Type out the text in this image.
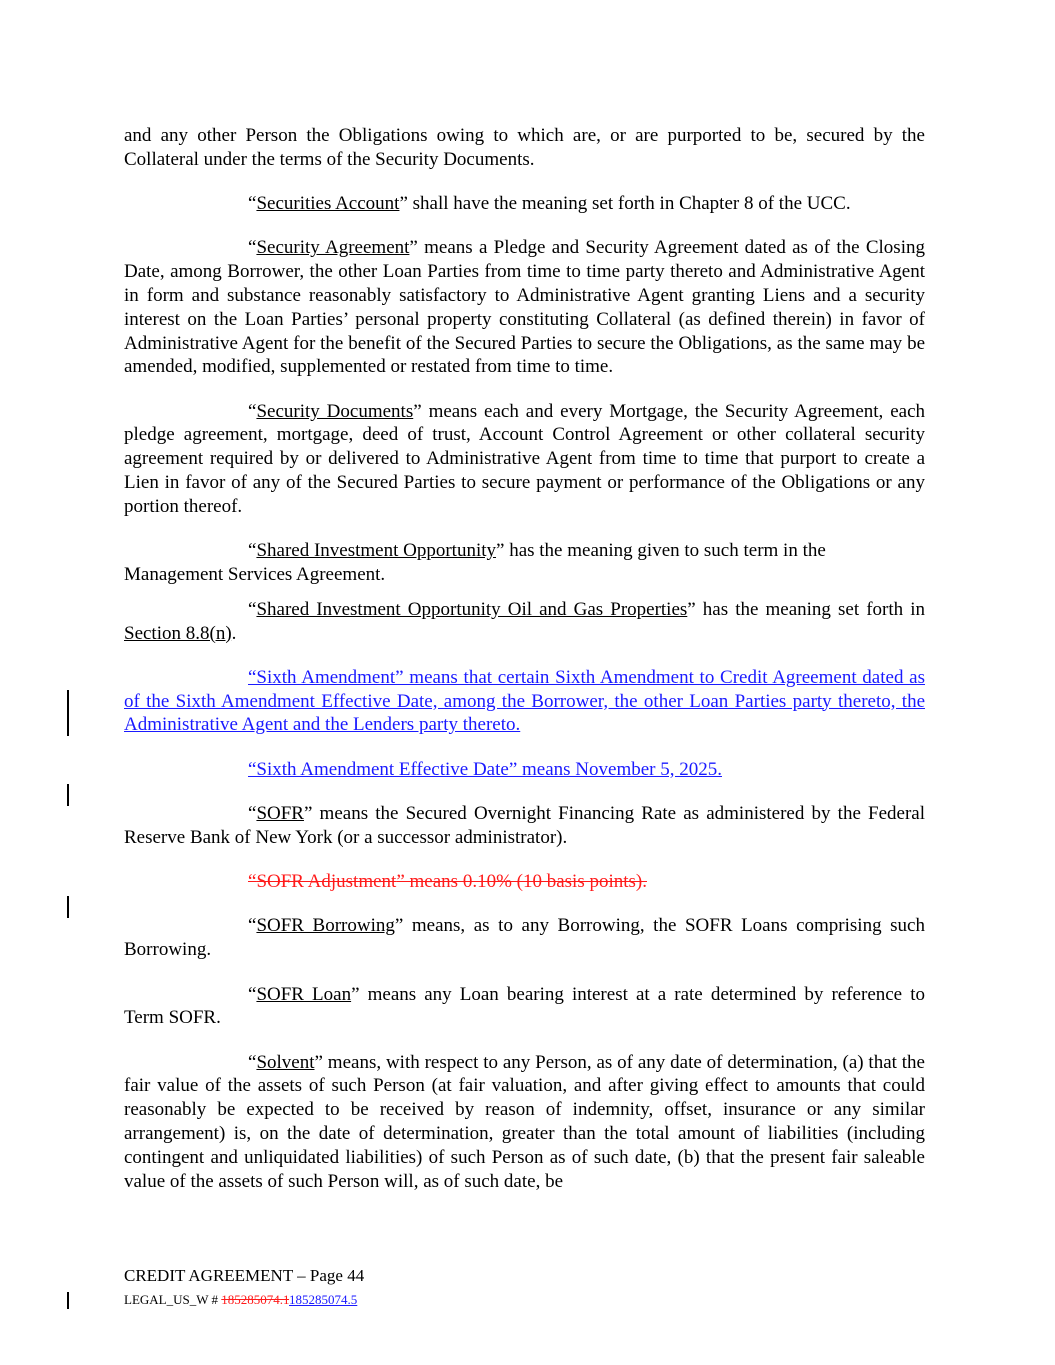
and any other Person the Obligations owing to which are, or are purported to be, secured by the Collateral under the terms of the Security Documents.

“Securities Account” shall have the meaning set forth in Chapter 8 of the UCC.

“Security Agreement” means a Pledge and Security Agreement dated as of the Closing Date, among Borrower, the other Loan Parties from time to time party thereto and Administrative Agent in form and substance reasonably satisfactory to Administrative Agent granting Liens and a security interest on the Loan Parties’ personal property constituting Collateral (as defined therein) in favor of Administrative Agent for the benefit of the Secured Parties to secure the Obligations, as the same may be amended, modified, supplemented or restated from time to time.

“Security Documents” means each and every Mortgage, the Security Agreement, each pledge agreement, mortgage, deed of trust, Account Control Agreement or other collateral security agreement required by or delivered to Administrative Agent from time to time that purport to create a Lien in favor of any of the Secured Parties to secure payment or performance of the Obligations or any portion thereof.

“Shared Investment Opportunity” has the meaning given to such term in the
Management Services Agreement.

“Shared Investment Opportunity Oil and Gas Properties” has the meaning set forth in Section 8.8(n).

“Sixth Amendment” means that certain Sixth Amendment to Credit Agreement dated as of the Sixth Amendment Effective Date, among the Borrower, the other Loan Parties party thereto, the Administrative Agent and the Lenders party thereto.

“Sixth Amendment Effective Date” means November 5, 2025.

“SOFR” means the Secured Overnight Financing Rate as administered by the Federal Reserve Bank of New York (or a successor administrator).

“SOFR Adjustment” means 0.10% (10 basis points).

“SOFR Borrowing” means, as to any Borrowing, the SOFR Loans comprising such Borrowing.

“SOFR Loan” means any Loan bearing interest at a rate determined by reference to Term SOFR.

“Solvent” means, with respect to any Person, as of any date of determination, (a) that the fair value of the assets of such Person (at fair valuation, and after giving effect to amounts that could reasonably be expected to be received by reason of indemnity, offset, insurance or any similar arrangement) is, on the date of determination, greater than the total amount of liabilities (including contingent and unliquidated liabilities) of such Person as of such date, (b) that the present fair saleable value of the assets of such Person will, as of such date, be

CREDIT AGREEMENT – Page 44
LEGAL_US_W # 185285074.1185285074.5
